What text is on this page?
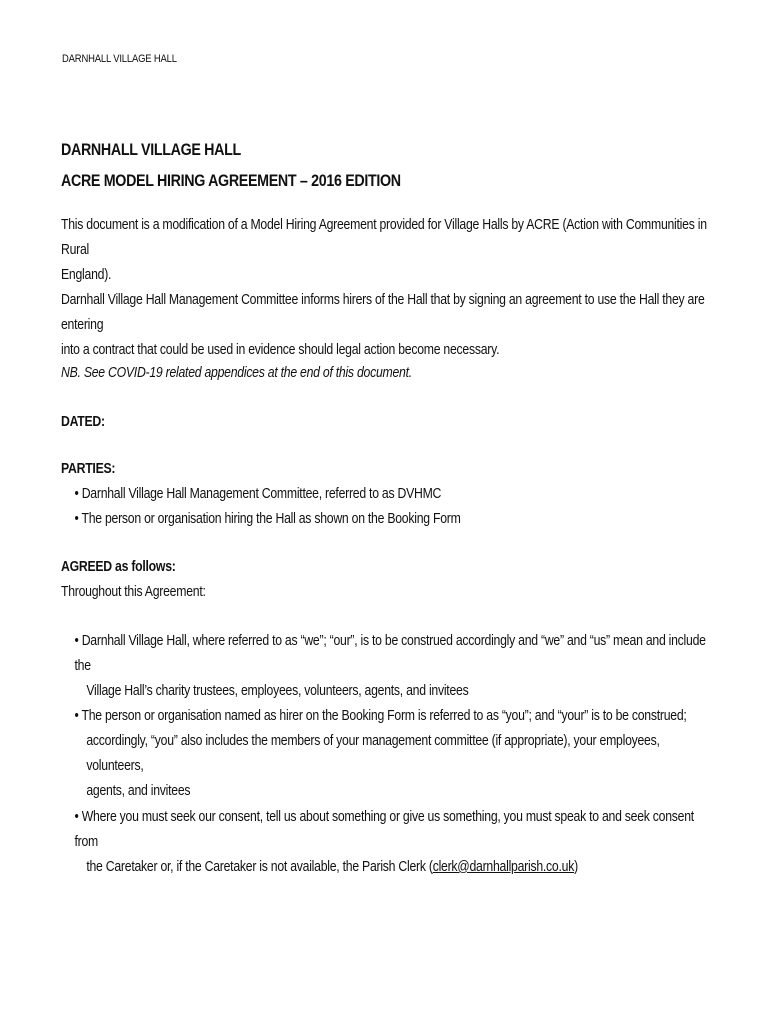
DARNHALL VILLAGE HALL
DARNHALL VILLAGE HALL
ACRE MODEL HIRING AGREEMENT – 2016 EDITION

This document is a modification of a Model Hiring Agreement provided for Village Halls by ACRE (Action with Communities in Rural

England).

Darnhall Village Hall Management Committee informs hirers of the Hall that by signing an agreement to use the Hall they are entering

into a contract that could be used in evidence should legal action become necessary.

NB. See COVID-19 related appendices at the end of this document.

DATED:

PARTIES:

• Darnhall Village Hall Management Committee, referred to as DVHMC

• The person or organisation hiring the Hall as shown on the Booking Form

AGREED as follows:

Throughout this Agreement:

• Darnhall Village Hall, where referred to as “we”; “our”, is to be construed accordingly and “we” and “us” mean and include the

Village Hall’s charity trustees, employees, volunteers, agents, and invitees

• The person or organisation named as hirer on the Booking Form is referred to as “you”; and “your” is to be construed;

accordingly, “you” also includes the members of your management committee (if appropriate), your employees, volunteers,

agents, and invitees

• Where you must seek our consent, tell us about something or give us something, you must speak to and seek consent from

the Caretaker or, if the Caretaker is not available, the Parish Clerk (clerk@darnhallparish.co.uk)
